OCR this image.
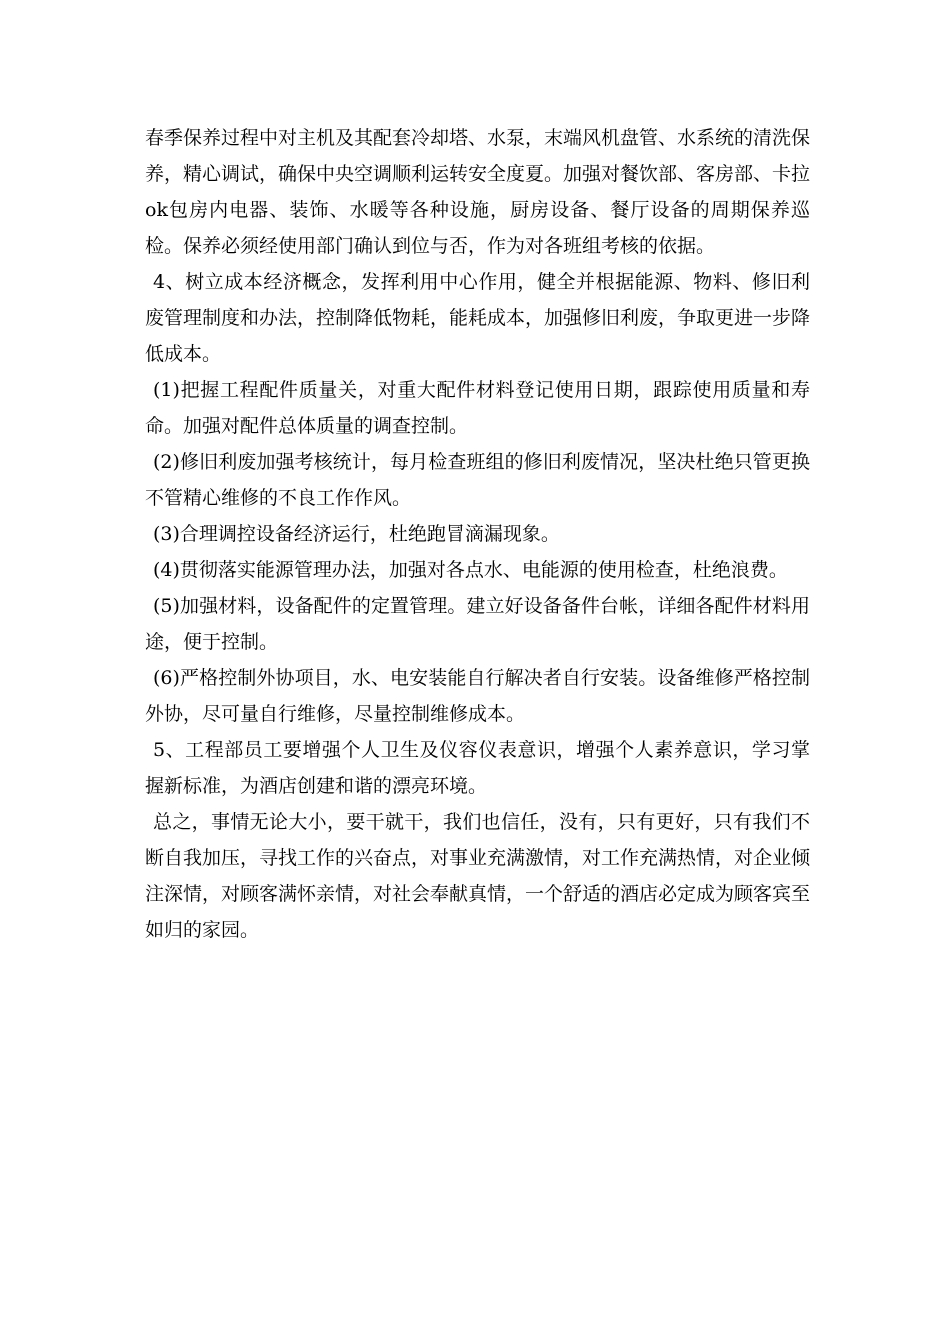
春季保养过程中对主机及其配套冷却塔、水泵，末端风机盘管、水系统的清洗保养，精心调试，确保中央空调顺利运转安全度夏。加强对餐饮部、客房部、卡拉ok包房内电器、装饰、水暖等各种设施，厨房设备、餐厅设备的周期保养巡检。保养必须经使用部门确认到位与否，作为对各班组考核的依据。

4、树立成本经济概念，发挥利用中心作用，健全并根据能源、物料、修旧利废管理制度和办法，控制降低物耗，能耗成本，加强修旧利废，争取更进一步降低成本。

(1)把握工程配件质量关，对重大配件材料登记使用日期，跟踪使用质量和寿命。加强对配件总体质量的调查控制。

(2)修旧利废加强考核统计，每月检查班组的修旧利废情况，坚决杜绝只管更换不管精心维修的不良工作作风。

(3)合理调控设备经济运行，杜绝跑冒滴漏现象。

(4)贯彻落实能源管理办法，加强对各点水、电能源的使用检查，杜绝浪费。

(5)加强材料，设备配件的定置管理。建立好设备备件台帐，详细各配件材料用途，便于控制。

(6)严格控制外协项目，水、电安装能自行解决者自行安装。设备维修严格控制外协，尽可量自行维修，尽量控制维修成本。

5、工程部员工要增强个人卫生及仪容仪表意识，增强个人素养意识，学习掌握新标准，为酒店创建和谐的漂亮环境。

总之，事情无论大小，要干就干，我们也信任，没有，只有更好，只有我们不断自我加压，寻找工作的兴奋点，对事业充满激情，对工作充满热情，对企业倾注深情，对顾客满怀亲情，对社会奉献真情，一个舒适的酒店必定成为顾客宾至如归的家园。
